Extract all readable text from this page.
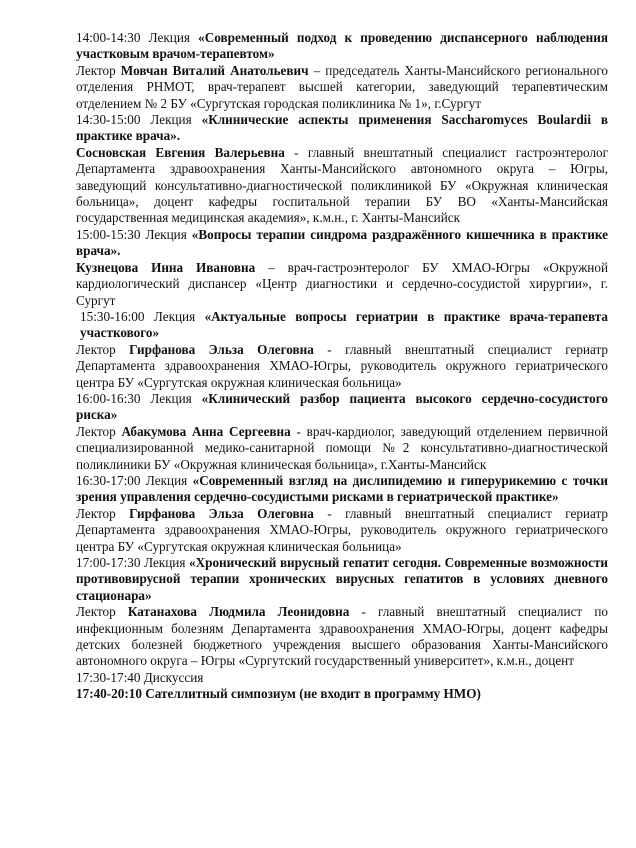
14:00-14:30 Лекция «Современный подход к проведению диспансерного наблюдения участковым врачом-терапевтом»

Лектор Мовчан Виталий Анатольевич – председатель Ханты-Мансийского регионального отделения РНМОТ, врач-терапевт высшей категории, заведующий терапевтическим отделением № 2 БУ «Сургутская городская поликлиника № 1», г.Сургут

14:30-15:00 Лекция «Клинические аспекты применения Saccharomyces Boulardii в практике врача».

Сосновская Евгения Валерьевна - главный внештатный специалист гастроэнтеролог Департамента здравоохранения Ханты-Мансийского автономного округа – Югры, заведующий консультативно-диагностической поликлиникой БУ «Окружная клиническая больница», доцент кафедры госпитальной терапии БУ ВО «Ханты-Мансийская государственная медицинская академия», к.м.н., г. Ханты-Мансийск

15:00-15:30 Лекция «Вопросы терапии синдрома раздражённого кишечника в практике врача».

Кузнецова Инна Ивановна – врач-гастроэнтеролог БУ ХМАО-Югры «Окружной кардиологический диспансер «Центр диагностики и сердечно-сосудистой хирургии», г. Сургут

15:30-16:00 Лекция «Актуальные вопросы гериатрии в практике врача-терапевта участкового»

Лектор Гирфанова Эльза Олеговна - главный внештатный специалист гериатр Департамента здравоохранения ХМАО-Югры, руководитель окружного гериатрического центра БУ «Сургутская окружная клиническая больница»

16:00-16:30 Лекция «Клинический разбор пациента высокого сердечно-сосудистого риска»

Лектор Абакумова Анна Сергеевна - врач-кардиолог, заведующий отделением первичной специализированной медико-санитарной помощи №2 консультативно-диагностической поликлиники БУ «Окружная клиническая больница», г.Ханты-Мансийск

16:30-17:00 Лекция «Современный взгляд на дислипидемию и гиперурикемию с точки зрения управления сердечно-сосудистыми рисками в гериатрической практике»

Лектор Гирфанова Эльза Олеговна - главный внештатный специалист гериатр Департамента здравоохранения ХМАО-Югры, руководитель окружного гериатрического центра БУ «Сургутская окружная клиническая больница»

17:00-17:30 Лекция «Хронический вирусный гепатит сегодня. Современные возможности противовирусной терапии хронических вирусных гепатитов в условиях дневного стационара»

Лектор Катанахова Людмила Леонидовна - главный внештатный специалист по инфекционным болезням Департамента здравоохранения ХМАО-Югры, доцент кафедры детских болезней бюджетного учреждения высшего образования Ханты-Мансийского автономного округа – Югры «Сургутский государственный университет», к.м.н., доцент

17:30-17:40 Дискуссия

17:40-20:10 Сателлитный симпозиум (не входит в программу НМО)
